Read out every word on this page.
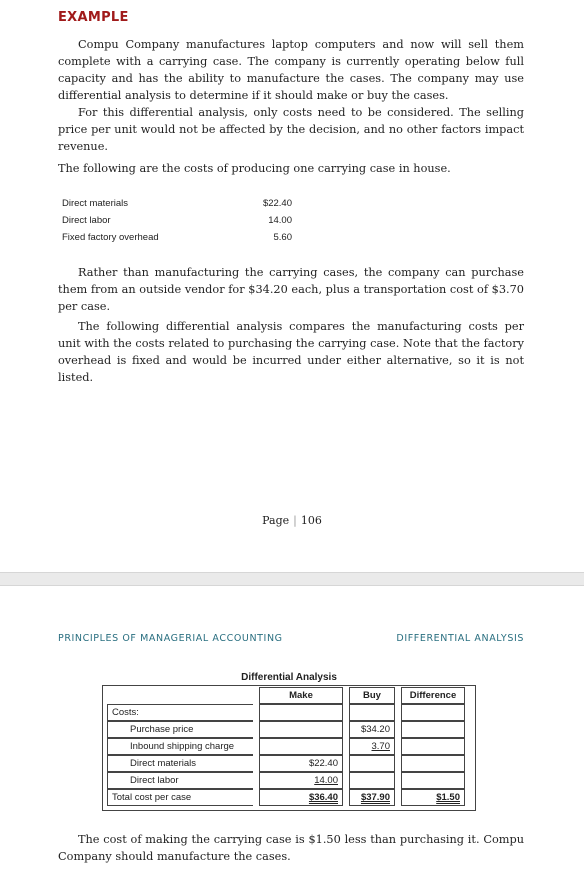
EXAMPLE

Compu Company manufactures laptop computers and now will sell them complete with a carrying case. The company is currently operating below full capacity and has the ability to manufacture the cases. The company may use differential analysis to determine if it should make or buy the cases.

For this differential analysis, only costs need to be considered. The selling price per unit would not be affected by the decision, and no other factors impact revenue.

The following are the costs of producing one carrying case in house.

Direct materials	$22.40
Direct labor	14.00
Fixed factory overhead	5.60

Rather than manufacturing the carrying cases, the company can purchase them from an outside vendor for $34.20 each, plus a transportation cost of $3.70 per case.

The following differential analysis compares the manufacturing costs per unit with the costs related to purchasing the carrying case. Note that the factory overhead is fixed and would be incurred under either alternative, so it is not listed.

Page | 106
PRINCIPLES OF MANAGERIAL ACCOUNTING	DIFFERENTIAL ANALYSIS
Differential Analysis
		Make		Buy		Difference
Costs:						
Purchase price				$34.20		
Inbound shipping charge				3.70		
Direct materials		$22.40				
Direct labor		14.00				
Total cost per case		$36.40		$37.90		$1.50

The cost of making the carrying case is $1.50 less than purchasing it. Compu Company should manufacture the cases.
